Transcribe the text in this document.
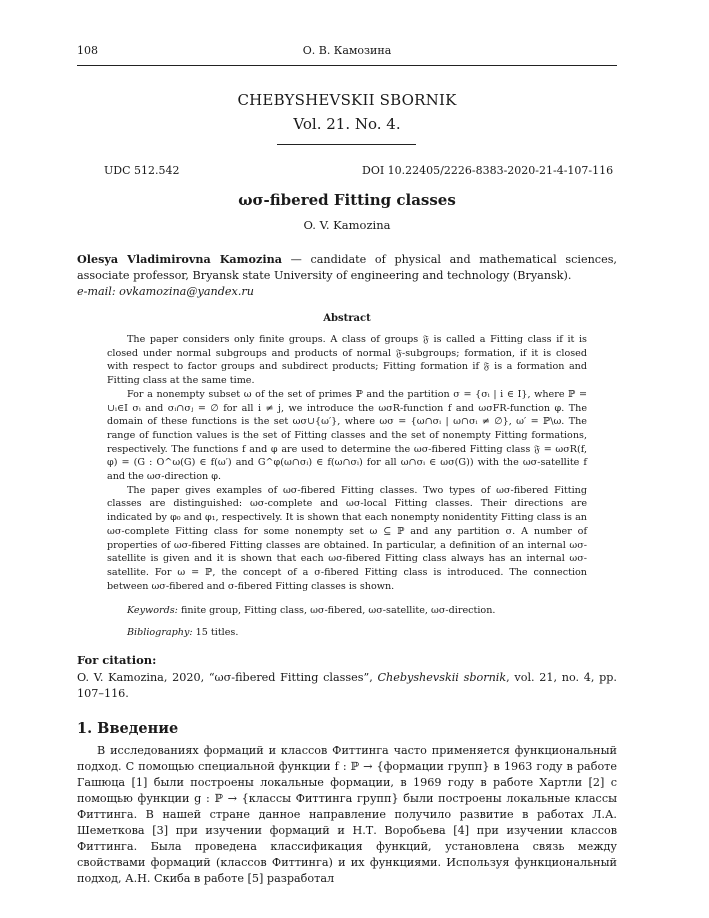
108	О. В. Камозина
CHEBYSHEVSKII SBORNIK
Vol. 21. No. 4.
UDC 512.542	DOI 10.22405/2226-8383-2020-21-4-107-116
ωσ-fibered Fitting classes
O. V. Kamozina
Olesya Vladimirovna Kamozina — candidate of physical and mathematical sciences, associate professor, Bryansk state University of engineering and technology (Bryansk).
e-mail: ovkamozina@yandex.ru
Abstract

The paper considers only finite groups. A class of groups 𝔉 is called a Fitting class if it is closed under normal subgroups and products of normal 𝔉-subgroups; formation, if it is closed with respect to factor groups and subdirect products; Fitting formation if 𝔉 is a formation and Fitting class at the same time.

For a nonempty subset ω of the set of primes ℙ and the partition σ = {σᵢ | i ∈ I}, where ℙ = ∪ᵢ∈I σᵢ and σᵢ∩σⱼ = ∅ for all i ≠ j, we introduce the ωσR-function f and ωσFR-function φ. The domain of these functions is the set ωσ∪{ω′}, where ωσ = {ω∩σᵢ | ω∩σᵢ ≠ ∅}, ω′ = ℙ\ω. The range of function values is the set of Fitting classes and the set of nonempty Fitting formations, respectively. The functions f and φ are used to determine the ωσ-fibered Fitting class 𝔉 = ωσR(f, φ) = (G : O^ω(G) ∈ f(ω′) and G^φ(ω∩σᵢ) ∈ f(ω∩σᵢ) for all ω∩σᵢ ∈ ωσ(G)) with the ωσ-satellite f and the ωσ-direction φ.

The paper gives examples of ωσ-fibered Fitting classes. Two types of ωσ-fibered Fitting classes are distinguished: ωσ-complete and ωσ-local Fitting classes. Their directions are indicated by φ₀ and φ₁, respectively. It is shown that each nonempty nonidentity Fitting class is an ωσ-complete Fitting class for some nonempty set ω ⊆ ℙ and any partition σ. A number of properties of ωσ-fibered Fitting classes are obtained. In particular, a definition of an internal ωσ-satellite is given and it is shown that each ωσ-fibered Fitting class always has an internal ωσ-satellite. For ω = ℙ, the concept of a σ-fibered Fitting class is introduced. The connection between ωσ-fibered and σ-fibered Fitting classes is shown.

Keywords: finite group, Fitting class, ωσ-fibered, ωσ-satellite, ωσ-direction.
Bibliography: 15 titles.
For citation:
O. V. Kamozina, 2020, “ωσ-fibered Fitting classes”, Chebyshevskii sbornik, vol. 21, no. 4, pp. 107–116.
1. Введение

В исследованиях формаций и классов Фиттинга часто применяется функциональный подход. С помощью специальной функции f : ℙ → {формации групп} в 1963 году в работе Гашюца [1] были построены локальные формации, в 1969 году в работе Хартли [2] с помощью функции g : ℙ → {классы Фиттинга групп} были построены локальные классы Фиттинга. В нашей стране данное направление получило развитие в работах Л.А. Шеметкова [3] при изучении формаций и Н.Т. Воробьева [4] при изучении классов Фиттинга. Была проведена классификация функций, установлена связь между свойствами формаций (классов Фиттинга) и их функциями. Используя функциональный подход, А.Н. Скиба в работе [5] разработал
